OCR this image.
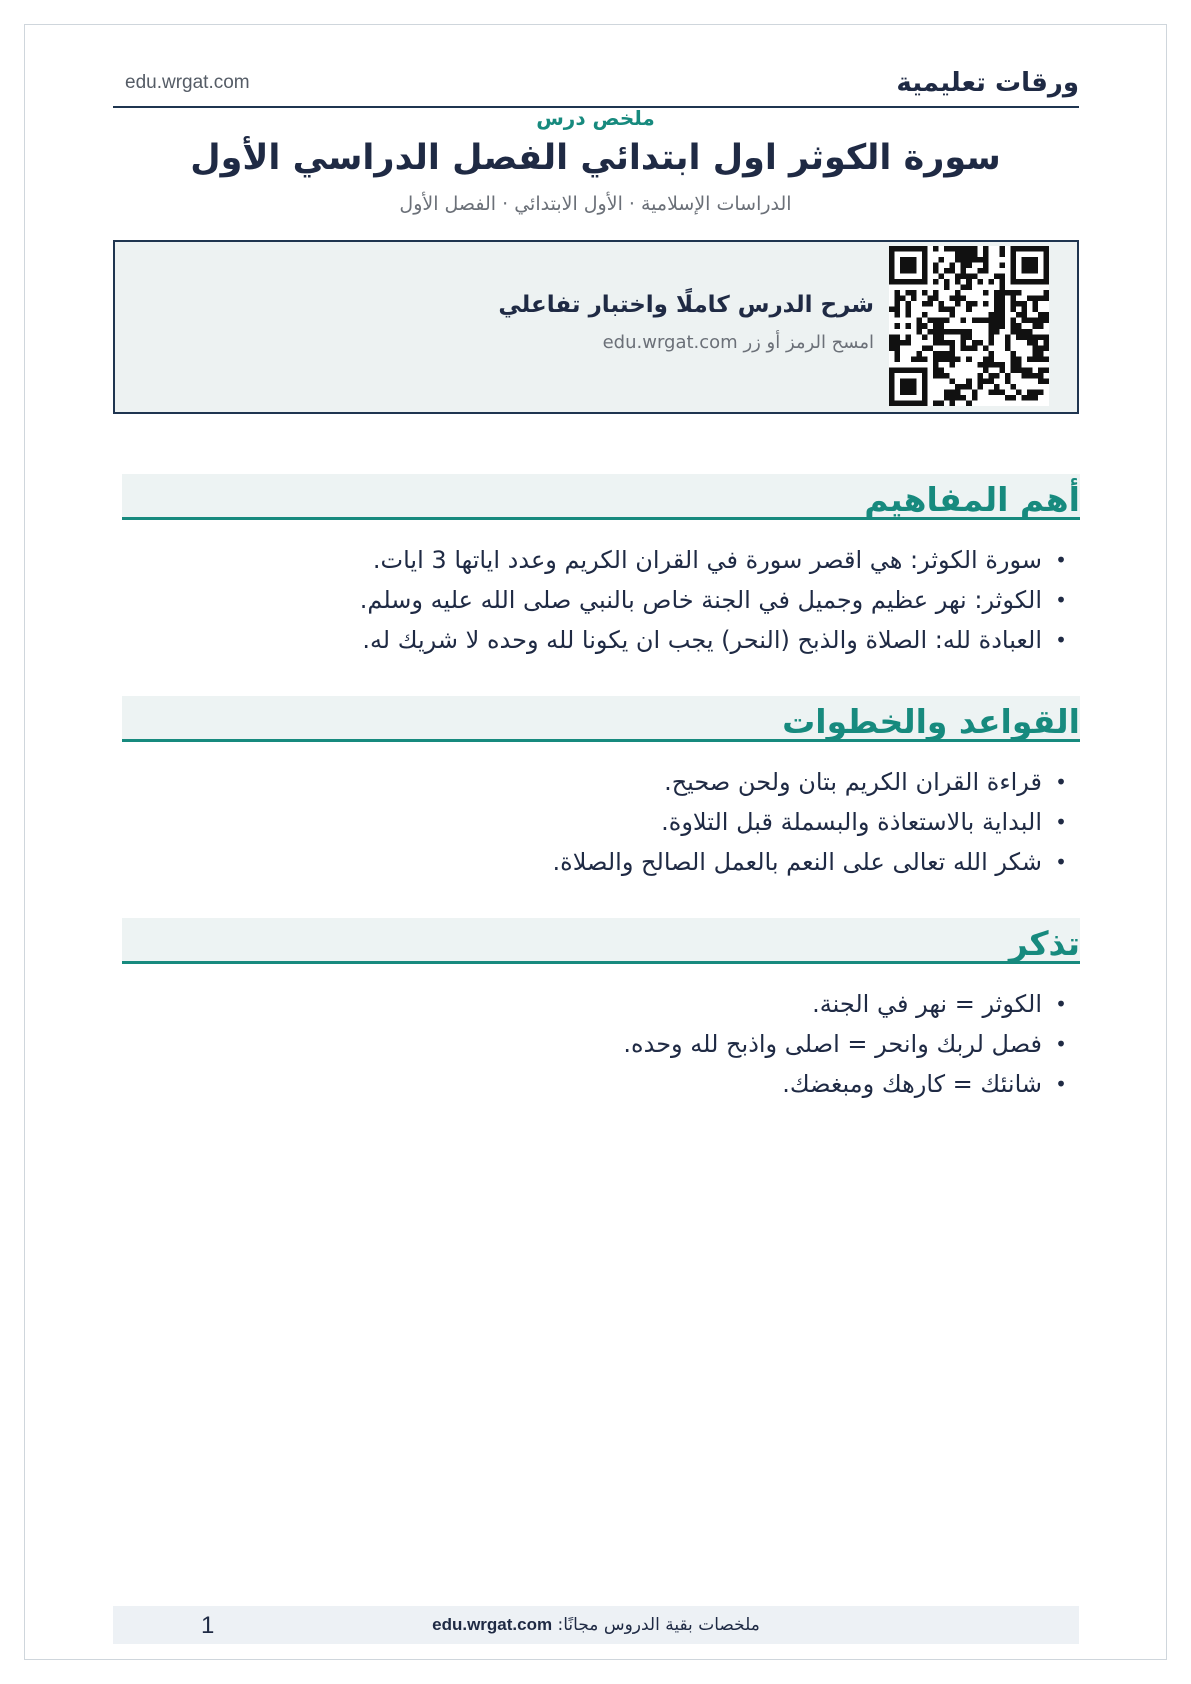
ورقات تعليمية
edu.wrgat.com
ملخص درس
سورة الكوثر اول ابتدائي الفصل الدراسي الأول
الدراسات الإسلامية · الأول الابتدائي · الفصل الأول
شرح الدرس كاملًا واختبار تفاعلي
امسح الرمز أو زر edu.wrgat.com
أهم المفاهيم
•
سورة الكوثر: هي اقصر سورة في القران الكريم وعدد اياتها 3 ايات.
•
الكوثر: نهر عظيم وجميل في الجنة خاص بالنبي صلى الله عليه وسلم.
•
العبادة لله: الصلاة والذبح (النحر) يجب ان يكونا لله وحده لا شريك له.
القواعد والخطوات
•
قراءة القران الكريم بتان ولحن صحيح.
•
البداية بالاستعاذة والبسملة قبل التلاوة.
•
شكر الله تعالى على النعم بالعمل الصالح والصلاة.
تذكر
•
الكوثر = نهر في الجنة.
•
فصل لربك وانحر = اصلى واذبح لله وحده.
•
شانئك = كارهك ومبغضك.
ملخصات بقية الدروس مجانًا: edu.wrgat.com
1
